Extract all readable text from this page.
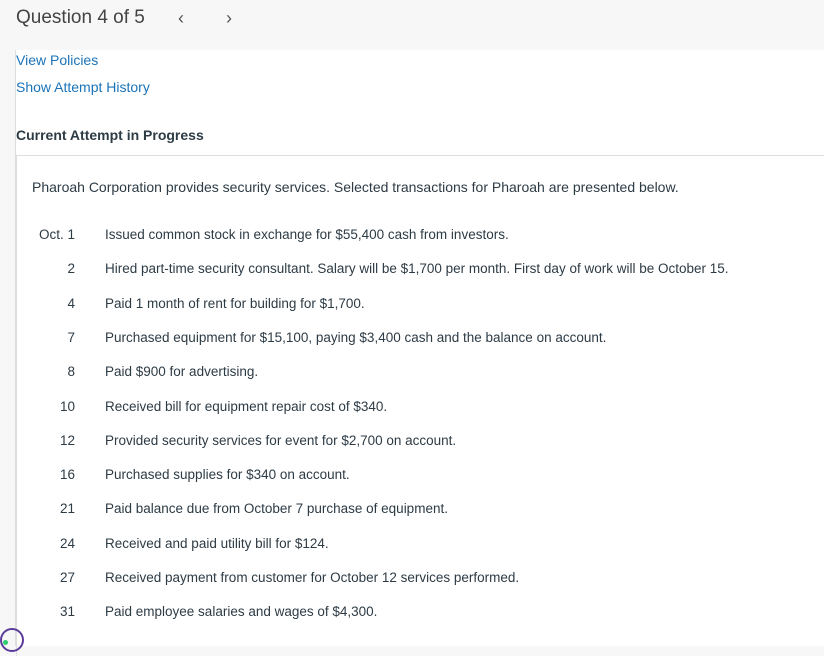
Question 4 of 5 ‹ ›
View Policies
Show Attempt History
Current Attempt in Progress
Pharoah Corporation provides security services. Selected transactions for Pharoah are presented below.
Oct. 1 Issued common stock in exchange for $55,400 cash from investors.
2 Hired part-time security consultant. Salary will be $1,700 per month. First day of work will be October 15.
4 Paid 1 month of rent for building for $1,700.
7 Purchased equipment for $15,100, paying $3,400 cash and the balance on account.
8 Paid $900 for advertising.
10 Received bill for equipment repair cost of $340.
12 Provided security services for event for $2,700 on account.
16 Purchased supplies for $340 on account.
21 Paid balance due from October 7 purchase of equipment.
24 Received and paid utility bill for $124.
27 Received payment from customer for October 12 services performed.
31 Paid employee salaries and wages of $4,300.
